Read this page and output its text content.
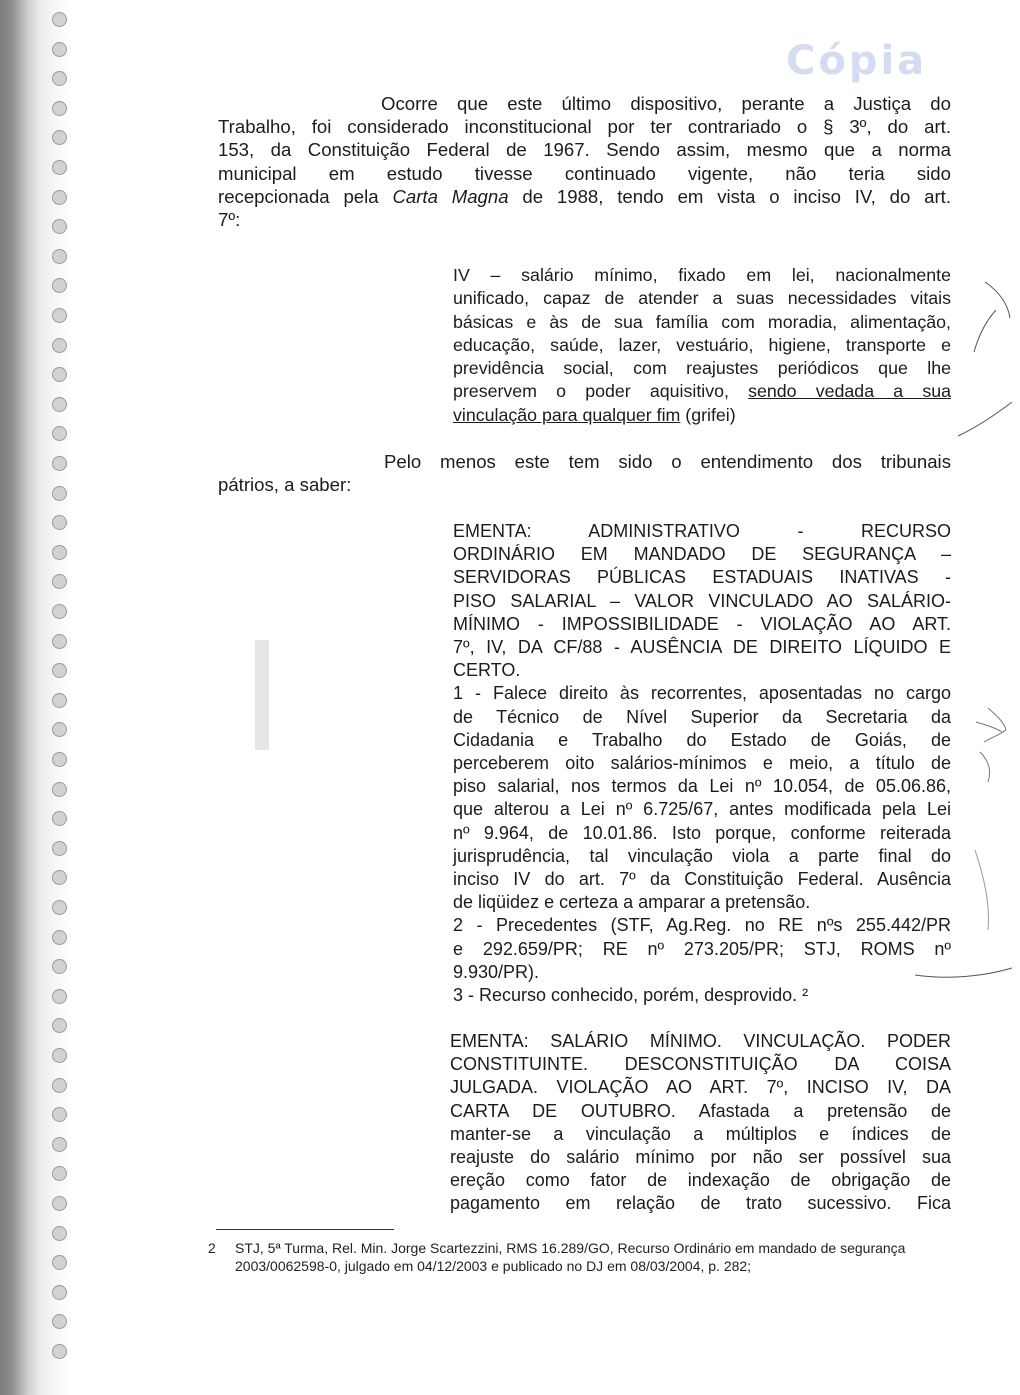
Cópia
Ocorre que este último dispositivo, perante a Justiça do
Trabalho, foi considerado inconstitucional por ter contrariado o § 3º, do art.
153, da Constituição Federal de 1967. Sendo assim, mesmo que a norma
municipal em estudo tivesse continuado vigente, não teria sido
recepcionada pela Carta Magna de 1988, tendo em vista o inciso IV, do art.
7º:
IV – salário mínimo, fixado em lei, nacionalmente
unificado, capaz de atender a suas necessidades vitais
básicas e às de sua família com moradia, alimentação,
educação, saúde, lazer, vestuário, higiene, transporte e
previdência social, com reajustes periódicos que lhe
preservem o poder aquisitivo, sendo vedada a sua
vinculação para qualquer fim (grifei)
Pelo menos este tem sido o entendimento dos tribunais
pátrios, a saber:
EMENTA: ADMINISTRATIVO - RECURSO
ORDINÁRIO EM MANDADO DE SEGURANÇA –
SERVIDORAS PÚBLICAS ESTADUAIS INATIVAS -
PISO SALARIAL – VALOR VINCULADO AO SALÁRIO-
MÍNIMO - IMPOSSIBILIDADE - VIOLAÇÃO AO ART.
7º, IV, DA CF/88 - AUSÊNCIA DE DIREITO LÍQUIDO E
CERTO.
1 - Falece direito às recorrentes, aposentadas no cargo
de Técnico de Nível Superior da Secretaria da
Cidadania e Trabalho do Estado de Goiás, de
perceberem oito salários-mínimos e meio, a título de
piso salarial, nos termos da Lei nº 10.054, de 05.06.86,
que alterou a Lei nº 6.725/67, antes modificada pela Lei
nº 9.964, de 10.01.86. Isto porque, conforme reiterada
jurisprudência, tal vinculação viola a parte final do
inciso IV do art. 7º da Constituição Federal. Ausência
de liqüidez e certeza a amparar a pretensão.
2 - Precedentes (STF, Ag.Reg. no RE nºs 255.442/PR
e 292.659/PR; RE nº 273.205/PR; STJ, ROMS nº
9.930/PR).
3 - Recurso conhecido, porém, desprovido. ²
EMENTA: SALÁRIO MÍNIMO. VINCULAÇÃO. PODER
CONSTITUINTE. DESCONSTITUIÇÃO DA COISA
JULGADA. VIOLAÇÃO AO ART. 7º, INCISO IV, DA
CARTA DE OUTUBRO. Afastada a pretensão de
manter-se a vinculação a múltiplos e índices de
reajuste do salário mínimo por não ser possível sua
ereção como fator de indexação de obrigação de
pagamento em relação de trato sucessivo. Fica
2 STJ, 5ª Turma, Rel. Min. Jorge Scartezzini, RMS 16.289/GO, Recurso Ordinário em mandado de segurança 2003/0062598-0, julgado em 04/12/2003 e publicado no DJ em 08/03/2004, p. 282;
